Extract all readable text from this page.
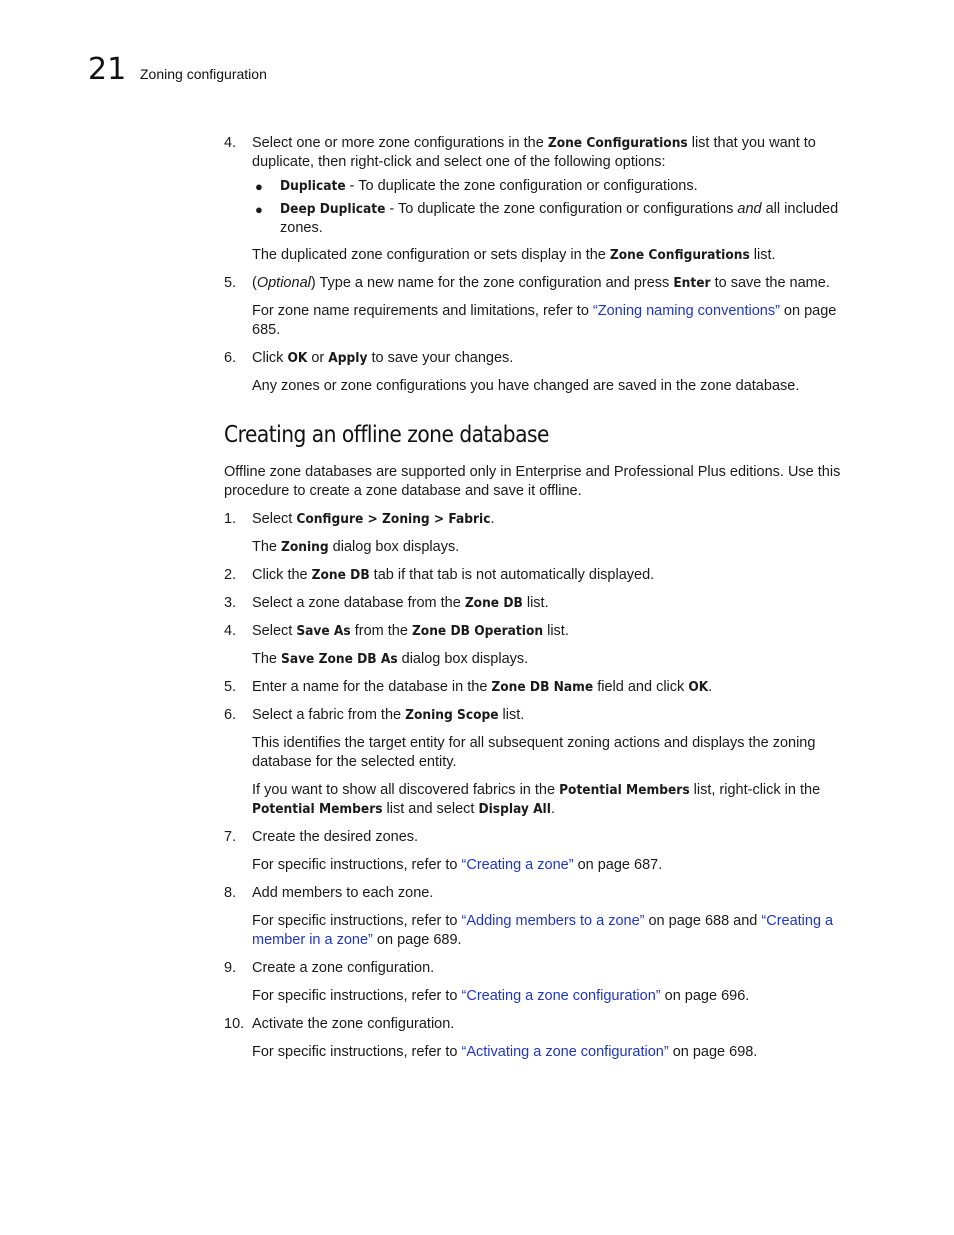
21 Zoning configuration
4. Select one or more zone configurations in the Zone Configurations list that you want to duplicate, then right-click and select one of the following options:
● Duplicate - To duplicate the zone configuration or configurations.
● Deep Duplicate - To duplicate the zone configuration or configurations and all included zones.
The duplicated zone configuration or sets display in the Zone Configurations list.
5. (Optional) Type a new name for the zone configuration and press Enter to save the name.
For zone name requirements and limitations, refer to “Zoning naming conventions” on page 685.
6. Click OK or Apply to save your changes.
Any zones or zone configurations you have changed are saved in the zone database.
Creating an offline zone database
Offline zone databases are supported only in Enterprise and Professional Plus editions. Use this procedure to create a zone database and save it offline.
1. Select Configure > Zoning > Fabric.
The Zoning dialog box displays.
2. Click the Zone DB tab if that tab is not automatically displayed.
3. Select a zone database from the Zone DB list.
4. Select Save As from the Zone DB Operation list.
The Save Zone DB As dialog box displays.
5. Enter a name for the database in the Zone DB Name field and click OK.
6. Select a fabric from the Zoning Scope list.
This identifies the target entity for all subsequent zoning actions and displays the zoning database for the selected entity.
If you want to show all discovered fabrics in the Potential Members list, right-click in the Potential Members list and select Display All.
7. Create the desired zones.
For specific instructions, refer to “Creating a zone” on page 687.
8. Add members to each zone.
For specific instructions, refer to “Adding members to a zone” on page 688 and “Creating a member in a zone” on page 689.
9. Create a zone configuration.
For specific instructions, refer to “Creating a zone configuration” on page 696.
10. Activate the zone configuration.
For specific instructions, refer to “Activating a zone configuration” on page 698.
